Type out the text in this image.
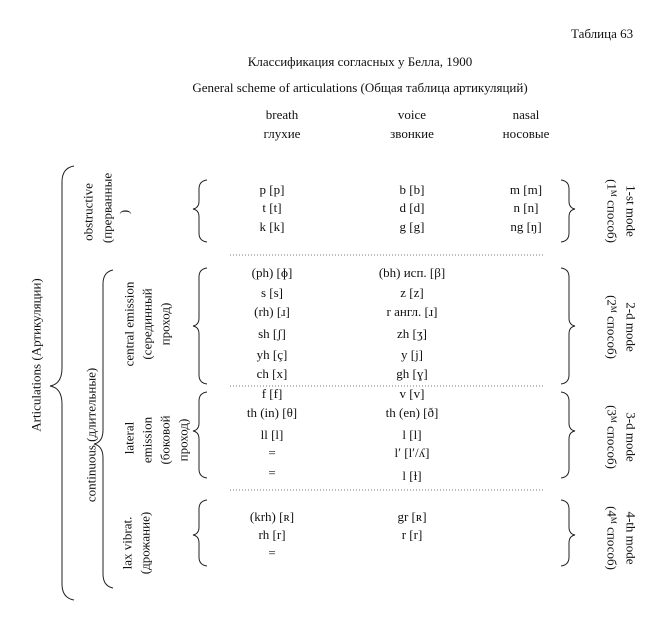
Таблица 63
Классификация согласных у Белла, 1900
General scheme of articulations (Общая таблица артикуляций)
breath
глухие
voice
звонкие
nasal
носовые
Articulations (Артикуляции)
continuous (длительные)
obstructive (прерванные )
central emission (серединный проход)
lateral emission (боковой проход)
lax vibrat. (дрожание)
1-st mode
(1ᴹ способ)
2-d mode
(2ᴹ способ)
3-d mode
(3ᴹ способ)
4-th mode
(4ᴹ способ)
p [p]	b [b]	m [m]
t [t]	d [d]	n [n]
k [k]	g [g]	ng [ŋ]
(ph) [ɸ]	(bh) исп. [β]
s [s]	z [z]
(rh) [ɹ]	r англ. [ɹ]
sh [ʃ]	zh [ʒ]
yh [ç]	y [j]
ch [x]	gh [ɣ]
f [f]	v [v]
th (in) [θ]	th (en) [ð]
ll [l]	l [l]
=	l′ [l′/ʎ]
=	l [ɫ]
(krh) [ʀ]	gr [ʀ]
rh [r]	r [r]
=
